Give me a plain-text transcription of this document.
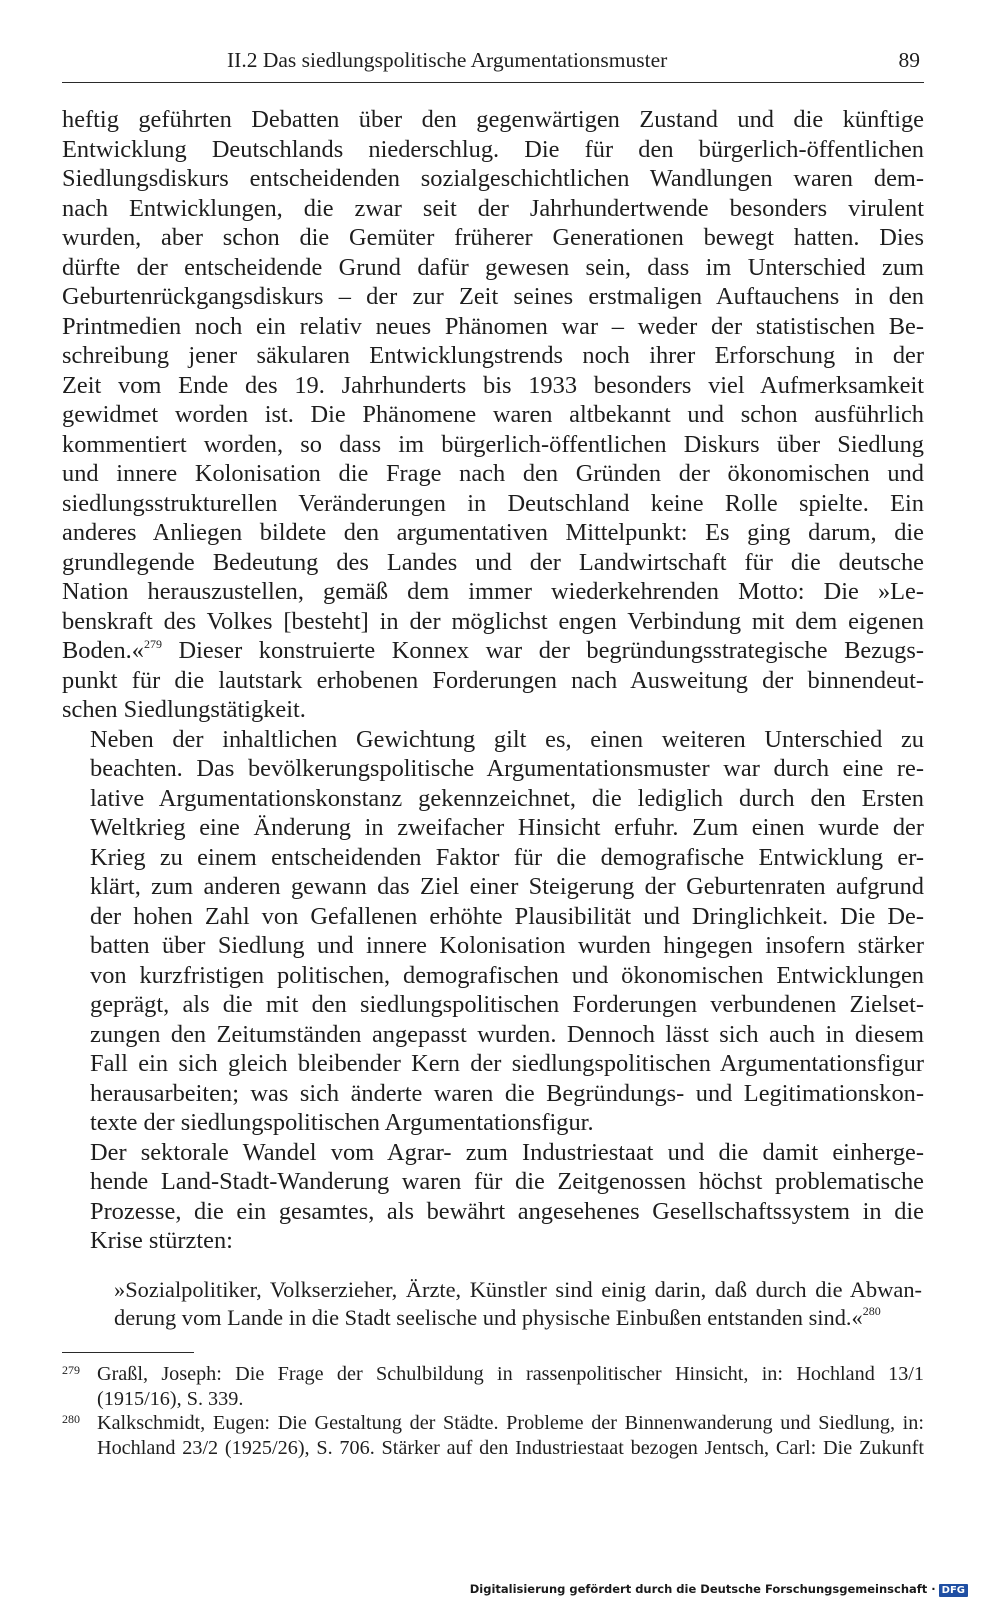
II.2 Das siedlungspolitische Argumentationsmuster	89

heftig geführten Debatten über den gegenwärtigen Zustand und die künftige
Entwicklung Deutschlands niederschlug. Die für den bürgerlich-öffentlichen
Siedlungsdiskurs entscheidenden sozialgeschichtlichen Wandlungen waren dem-
nach Entwicklungen, die zwar seit der Jahrhundertwende besonders virulent
wurden, aber schon die Gemüter früherer Generationen bewegt hatten. Dies
dürfte der entscheidende Grund dafür gewesen sein, dass im Unterschied zum
Geburtenrückgangsdiskurs – der zur Zeit seines erstmaligen Auftauchens in den
Printmedien noch ein relativ neues Phänomen war – weder der statistischen Be-
schreibung jener säkularen Entwicklungstrends noch ihrer Erforschung in der
Zeit vom Ende des 19. Jahrhunderts bis 1933 besonders viel Aufmerksamkeit
gewidmet worden ist. Die Phänomene waren altbekannt und schon ausführlich
kommentiert worden, so dass im bürgerlich-öffentlichen Diskurs über Siedlung
und innere Kolonisation die Frage nach den Gründen der ökonomischen und
siedlungsstrukturellen Veränderungen in Deutschland keine Rolle spielte. Ein
anderes Anliegen bildete den argumentativen Mittelpunkt: Es ging darum, die
grundlegende Bedeutung des Landes und der Landwirtschaft für die deutsche
Nation herauszustellen, gemäß dem immer wiederkehrenden Motto: Die »Le-
benskraft des Volkes [besteht] in der möglichst engen Verbindung mit dem eigenen
Boden.«$^{279}$ Dieser konstruierte Konnex war der begründungsstrategische Bezugs-
punkt für die lautstark erhobenen Forderungen nach Ausweitung der binnendeut-
schen Siedlungstätigkeit.

Neben der inhaltlichen Gewichtung gilt es, einen weiteren Unterschied zu
beachten. Das bevölkerungspolitische Argumentationsmuster war durch eine re-
lative Argumentationskonstanz gekennzeichnet, die lediglich durch den Ersten
Weltkrieg eine Änderung in zweifacher Hinsicht erfuhr. Zum einen wurde der
Krieg zu einem entscheidenden Faktor für die demografische Entwicklung er-
klärt, zum anderen gewann das Ziel einer Steigerung der Geburtenraten aufgrund
der hohen Zahl von Gefallenen erhöhte Plausibilität und Dringlichkeit. Die De-
batten über Siedlung und innere Kolonisation wurden hingegen insofern stärker
von kurzfristigen politischen, demografischen und ökonomischen Entwicklungen
geprägt, als die mit den siedlungspolitischen Forderungen verbundenen Zielset-
zungen den Zeitumständen angepasst wurden. Dennoch lässt sich auch in diesem
Fall ein sich gleich bleibender Kern der siedlungspolitischen Argumentationsfigur
herausarbeiten; was sich änderte waren die Begründungs- und Legitimationskon-
texte der siedlungspolitischen Argumentationsfigur.

Der sektorale Wandel vom Agrar- zum Industriestaat und die damit einherge-
hende Land-Stadt-Wanderung waren für die Zeitgenossen höchst problematische
Prozesse, die ein gesamtes, als bewährt angesehenes Gesellschaftssystem in die
Krise stürzten:

»Sozialpolitiker, Volkserzieher, Ärzte, Künstler sind einig darin, daß durch die Abwan-
derung vom Lande in die Stadt seelische und physische Einbußen entstanden sind.«$^{280}$
279 Graßl, Joseph: Die Frage der Schulbildung in rassenpolitischer Hinsicht, in: Hochland 13/1
(1915/16), S. 339.
280 Kalkschmidt, Eugen: Die Gestaltung der Städte. Probleme der Binnenwanderung und Siedlung, in:
Hochland 23/2 (1925/26), S. 706. Stärker auf den Industriestaat bezogen Jentsch, Carl: Die Zukunft
Digitalisierung gefördert durch die Deutsche Forschungsgemeinschaft · DFG
